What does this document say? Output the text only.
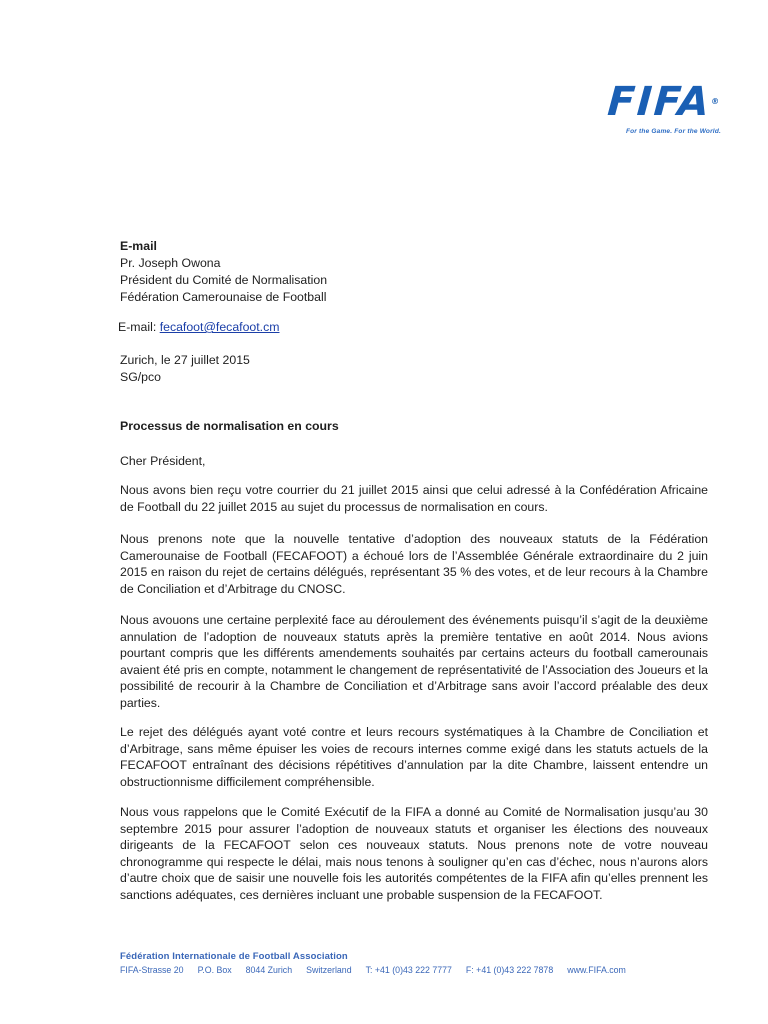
FIFA®
For the Game. For the World.
E-mail
Pr. Joseph Owona
Président du Comité de Normalisation
Fédération Camerounaise de Football
E-mail: fecafoot@fecafoot.cm
Zurich, le 27 juillet 2015
SG/pco
Processus de normalisation en cours
Cher Président,

Nous avons bien reçu votre courrier du 21 juillet 2015 ainsi que celui adressé à la Confédération Africaine de Football du 22 juillet 2015 au sujet du processus de normalisation en cours.

Nous prenons note que la nouvelle tentative d’adoption des nouveaux statuts de la Fédération Camerounaise de Football (FECAFOOT) a échoué lors de l’Assemblée Générale extraordinaire du 2 juin 2015 en raison du rejet de certains délégués, représentant 35 % des votes, et de leur recours à la Chambre de Conciliation et d’Arbitrage du CNOSC.

Nous avouons une certaine perplexité face au déroulement des événements puisqu’il s’agit de la deuxième annulation de l’adoption de nouveaux statuts après la première tentative en août 2014. Nous avions pourtant compris que les différents amendements souhaités par certains acteurs du football camerounais avaient été pris en compte, notamment le changement de représentativité de l’Association des Joueurs et la possibilité de recourir à la Chambre de Conciliation et d’Arbitrage sans avoir l’accord préalable des deux parties.

Le rejet des délégués ayant voté contre et leurs recours systématiques à la Chambre de Conciliation et d’Arbitrage, sans même épuiser les voies de recours internes comme exigé dans les statuts actuels de la FECAFOOT entraînant des décisions répétitives d’annulation par la dite Chambre, laissent entendre un obstructionnisme difficilement compréhensible.

Nous vous rappelons que le Comité Exécutif de la FIFA a donné au Comité de Normalisation jusqu’au 30 septembre 2015 pour assurer l’adoption de nouveaux statuts et organiser les élections des nouveaux dirigeants de la FECAFOOT selon ces nouveaux statuts. Nous prenons note de votre nouveau chronogramme qui respecte le délai, mais nous tenons à souligner qu’en cas d’échec, nous n’aurons alors d’autre choix que de saisir une nouvelle fois les autorités compétentes de la FIFA afin qu’elles prennent les sanctions adéquates, ces dernières incluant une probable suspension de la FECAFOOT.

Fédération Internationale de Football Association
FIFA-Strasse 20 P.O. Box 8044 Zurich Switzerland T: +41 (0)43 222 7777 F: +41 (0)43 222 7878 www.FIFA.com
